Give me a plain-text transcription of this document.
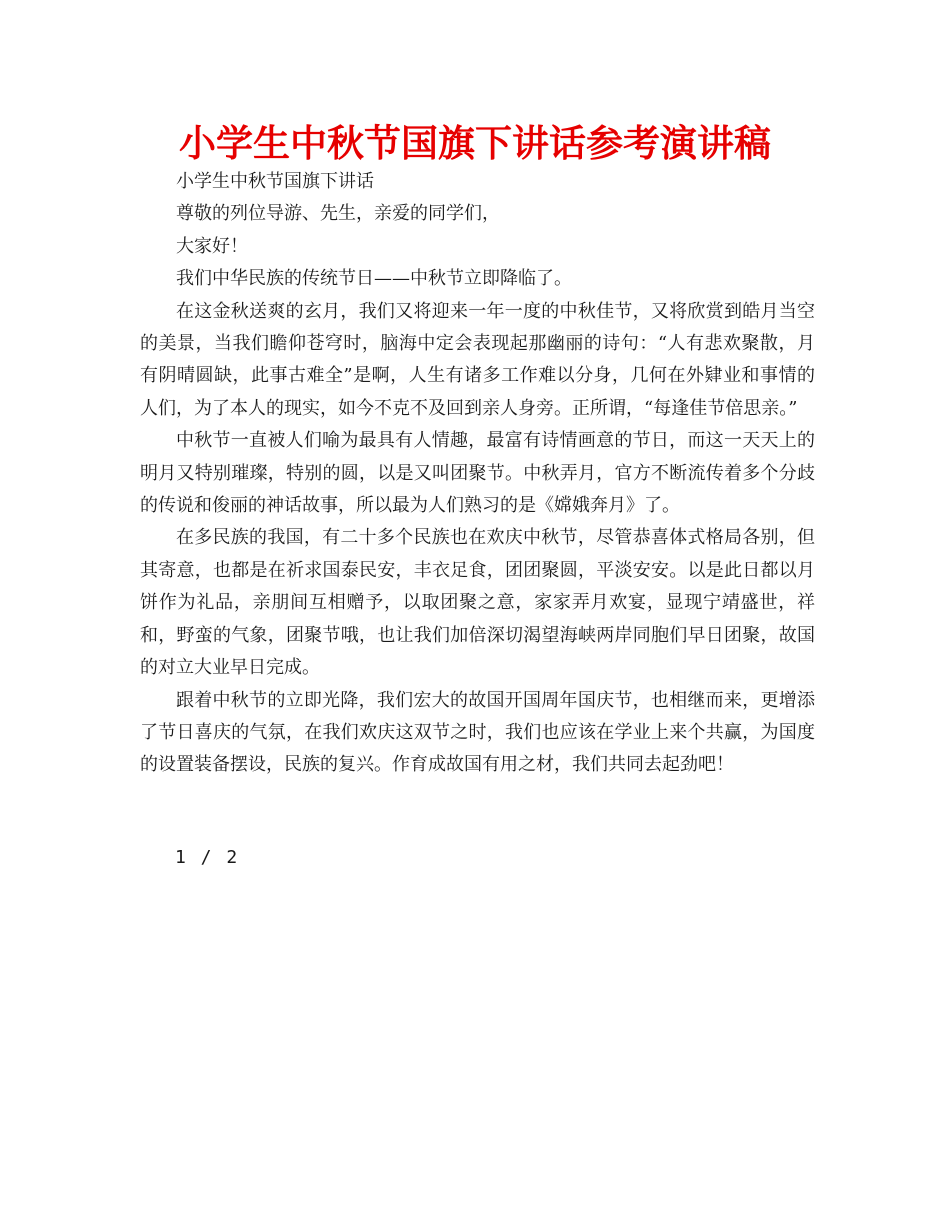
小学生中秋节国旗下讲话参考演讲稿

小学生中秋节国旗下讲话

尊敬的列位导游、先生，亲爱的同学们，

大家好！

我们中华民族的传统节日——中秋节立即降临了。

在这金秋送爽的玄月，我们又将迎来一年一度的中秋佳节，又将欣赏到皓月当空的美景，当我们瞻仰苍穹时，脑海中定会表现起那幽丽的诗句：“人有悲欢聚散，月有阴晴圆缺，此事古难全”是啊，人生有诸多工作难以分身，几何在外肄业和事情的人们，为了本人的现实，如今不克不及回到亲人身旁。正所谓，“每逢佳节倍思亲。”

中秋节一直被人们喻为最具有人情趣，最富有诗情画意的节日，而这一天天上的明月又特别璀璨，特别的圆，以是又叫团聚节。中秋弄月，官方不断流传着多个分歧的传说和俊丽的神话故事，所以最为人们熟习的是《嫦娥奔月》了。

在多民族的我国，有二十多个民族也在欢庆中秋节，尽管恭喜体式格局各别，但其寄意，也都是在祈求国泰民安，丰衣足食，团团聚圆，平淡安安。以是此日都以月饼作为礼品，亲朋间互相赠予，以取团聚之意，家家弄月欢宴，显现宁靖盛世，祥和，野蛮的气象，团聚节哦，也让我们加倍深切渴望海峡两岸同胞们早日团聚，故国的对立大业早日完成。

跟着中秋节的立即光降，我们宏大的故国开国周年国庆节，也相继而来，更增添了节日喜庆的气氛，在我们欢庆这双节之时，我们也应该在学业上来个共赢，为国度的设置装备摆设，民族的复兴。作育成故国有用之材，我们共同去起劲吧！

1 / 2
